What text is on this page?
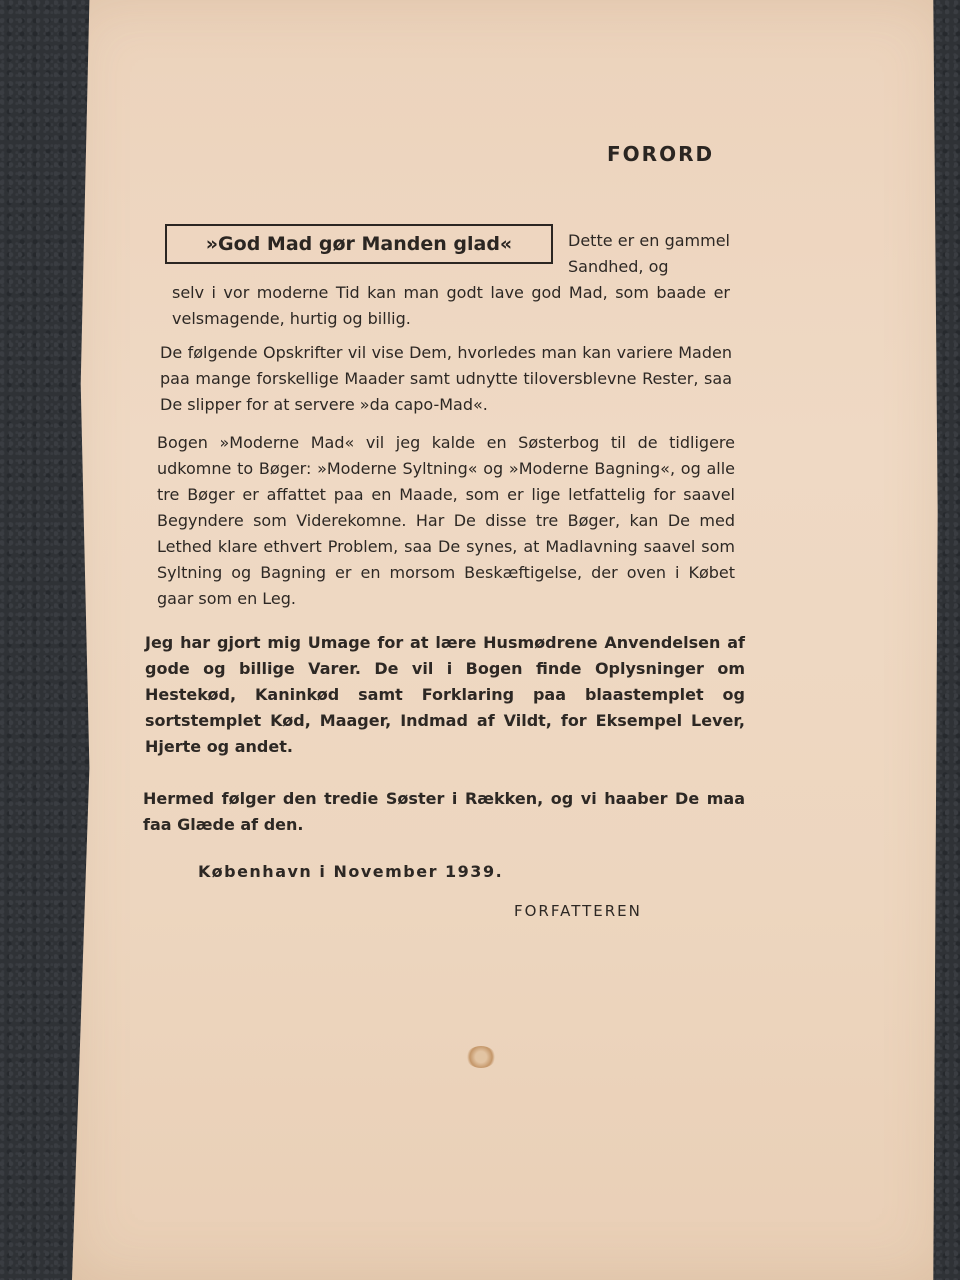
FORORD
»God Mad gør Manden glad«	Dette er en gammel Sandhed, og
selv i vor moderne Tid kan man godt lave god Mad, som baade er velsmagende, hurtig og billig.
De følgende Opskrifter vil vise Dem, hvorledes man kan variere Maden paa mange forskellige Maader samt udnytte tiloversblevne Rester, saa De slipper for at servere »da capo-Mad«.
Bogen »Moderne Mad« vil jeg kalde en Søsterbog til de tidligere udkomne to Bøger: »Moderne Syltning« og »Moderne Bagning«, og alle tre Bøger er affattet paa en Maade, som er lige letfattelig for saavel Begyndere som Viderekomne. Har De disse tre Bøger, kan De med Lethed klare ethvert Problem, saa De synes, at Madlavning saavel som Syltning og Bagning er en morsom Beskæftigelse, der oven i Købet gaar som en Leg.
Jeg har gjort mig Umage for at lære Husmødrene Anvendelsen af gode og billige Varer. De vil i Bogen finde Oplysninger om Hestekød, Kaninkød samt Forklaring paa blaastemplet og sortstemplet Kød, Maager, Indmad af Vildt, for Eksempel Lever, Hjerte og andet.
Hermed følger den tredie Søster i Rækken, og vi haaber De maa faa Glæde af den.
København i November 1939.
FORFATTEREN
